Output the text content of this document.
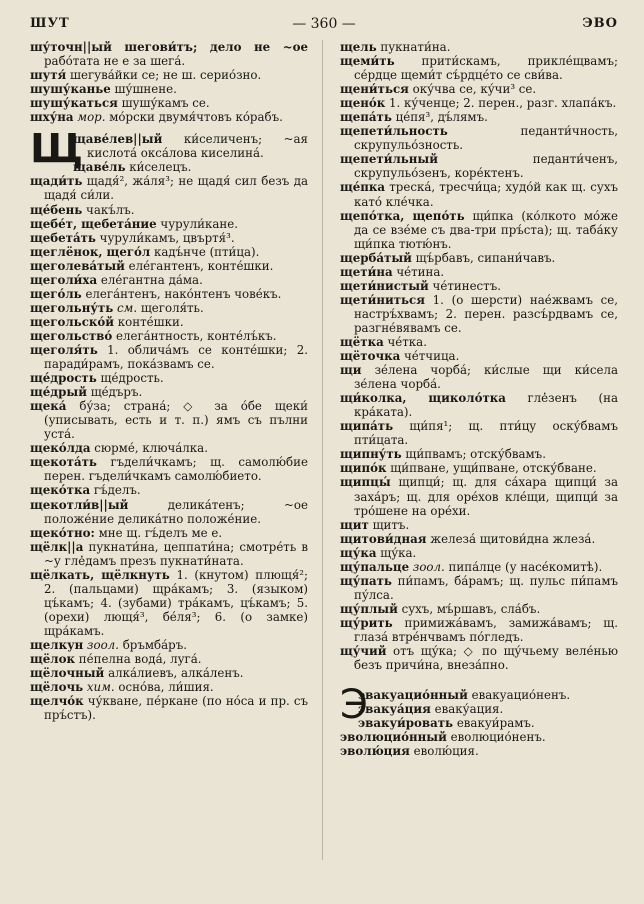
ШУТ	— 360 —	ЭВО

шу́точн||ый шегови́тъ; дело не ~ое рабо́тата не е за шега́.

шутя́ шегува́йки се; не ш. серио́зно.

шушу́канье шу́шнене.

шушу́каться шушу́камъ се.

шху́на мор. мо́рски двумя́чтовъ ко́рабъ.

Щ

щаве́лев||ый ки́селиченъ; ~ая кислота́ окса́лова киселина́.

щаве́ль ки́селецъ.

щади́ть щадя́², жа́ля³; не щадя́ сил безъ да щадя́ си́ли.

ще́бень чакъ́лъ.

щебе́т, щебета́ние чурули́кане.

щебета́ть чурули́камъ, цвъртя́³.

щеглёнок, щего́л кадъ́нче (пти́ца).

щеголева́тый еле́гантенъ, конте́шки.

щеголи́ха еле́гантна да́ма.

щего́ль елега́нтенъ, нако́нтенъ чове́къ.

щегольну́ть см. щеголя́ть.

щегольско́й конте́шки.

щегольство́ елега́нтность, конте́лъ́къ.

щеголя́ть 1. облича́мъ се конте́шки; 2. паради́рамъ, пока́звамъ се.

ще́дрость ще́дрость.

ще́дрый ще́дъръ.

щека́ бу́за; страна́; ◇ за о́бе щеки́ (уписывать, есть и т. п.) ямъ съ пълни уста́.

щеко́лда сюрме́, ключа́лка.

щекота́ть гъдели́чкамъ; щ. самолю́бие перен. гъдели́чкамъ самолю́бието.

щеко́тка гъ́делъ.

щекотли́в||ый	делика́тенъ; ~ое положе́ние делика́тно положе́ние.

щеко́тно: мне щ. гъ́делъ ме е.

щёлк||а пукнати́на, цеппати́на; смотре́ть в ~у глe̓дамъ презъ пукнати́ната.

щёлкать, щёлкнуть 1. (кнутом) плющя́²; 2. (пальцами) щра́камъ; 3. (языком) цъ́камъ; 4. (зубами) тра́камъ, цъ́камъ; 5. (орехи) лющя́³, бе́ля³; 6. (о замке) щра́камъ.

щелкун зоол. бръмба́ръ.

щёлок пе́пелна вода́, луга́.

щёлочный алка́лиевъ, алка́ленъ.

щёлочь хим. осно́ва, ли́шия.

щелчо́к чу́кване, пе́ркане (по но́са и пр. съ пръ́стъ).

щель пукнати́на.

щеми́ть прити́скамъ, прикле́щвамъ; се́рдце щеми́т съ́рдце́то се сви́ва.

щени́ться оку́чва се, ку́чи³ се.

щено́к 1. ку́ченце; 2. перен., разг. хлапа́къ.

щепа́ть це́пя³, дъ́лямъ.

щепети́льность	педанти́чность, скрупульо́зность.

щепети́льный	педанти́ченъ, скрупульо́зенъ, коре́ктенъ.

ще́пка треска́, тресчи́ца; худо́й как щ. сухъ като́ кле́чка.

щепо́тка, щепо́ть щи́пка (ко́лкото мо́же да се взе́ме съ два-три пръ́ста); щ. таба́ку щи́пка тютю́нъ.

щерба́тый щъ́рбавъ, сипани́чавъ.

щети́на че́тина.

щети́нистый че́тинестъ.

щети́ниться 1. (о шерсти) нае́жвамъ се, настръ́хвамъ; 2. перен. разсъ́рдвамъ се, разгне́вявамъ се.

щётка че́тка.

щёточка че́тчица.

щи зе́лена чорба́; ки́слые щи ки́села зе́лена чорба́.

щи́колка, щиколо́тка глe̓зенъ (на кра́ката).

щипа́ть щи́пя¹; щ. пти́цу оску́бвамъ пти́цата.

щипну́ть щи́пвамъ; отску́бвамъ.

щипо́к щи́пване, ущи́пване, отску́бване.

щипцы́ щипци́; щ. для са́хара щипци́ за заха́ръ; щ. для оре́хов кле́щи, щипци́ за тро́шене на оре́хи.

щит щитъ.

щитови́дная железа́ щитови́дна жлеза́.

щу́ка щу́ка.

щу́пальце зоол. пипа́лце (у насе́комитѣ).

щу́пать пи́памъ, ба́рамъ; щ. пульс пи́памъ пу́лса.

щу́плый сухъ, мъ́ршавъ, сла́бъ.

щу́рить примижа́вамъ, замижа́вамъ; щ. глаза́ втре́нчвамъ по́гледъ.

щу́чий отъ щу́ка; ◇ по щу́чьему веле́нью безъ причи́на, внеза́пно.

Э

эвакуацио́нный евакуацио́ненъ.

эвакуа́ция еваку́ация.

эвакуи́ровать евакуи́рамъ.

эволюцио́нный еволюцио́ненъ.

эволю́ция еволю́ция.
